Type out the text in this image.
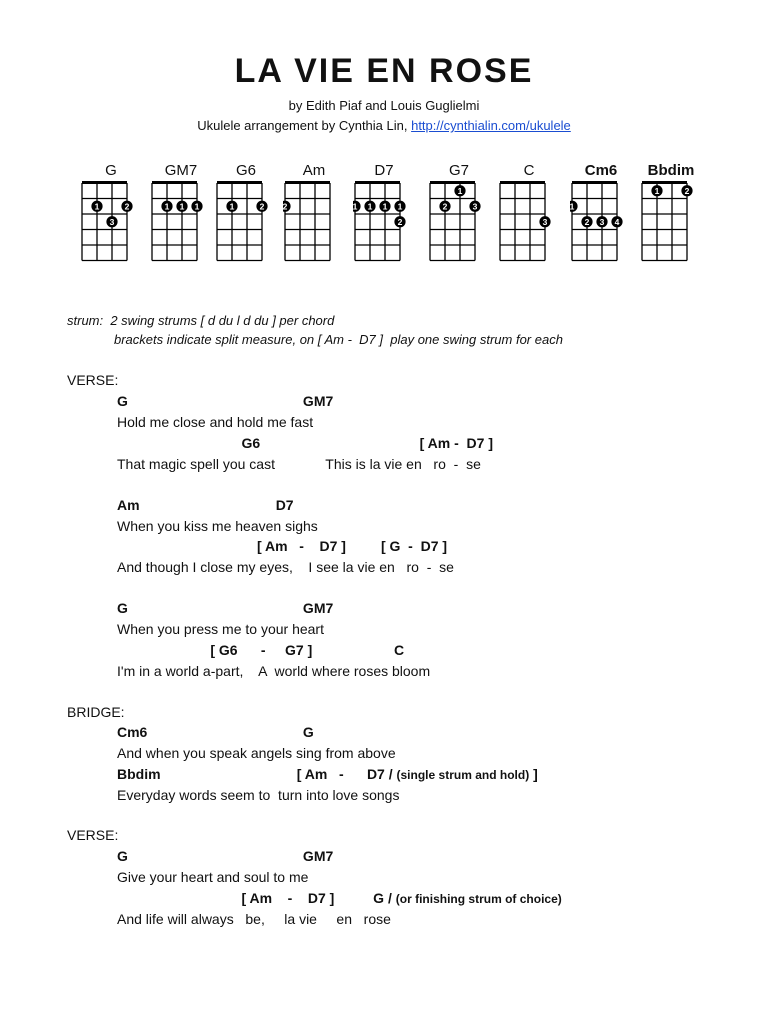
LA VIE EN ROSE
by Edith Piaf and Louis Guglielmi
Ukulele arrangement by Cynthia Lin, http://cynthialin.com/ukulele
G
1	2
3
GM7
1 1 1
G6
1	2
Am
2
D7
1 1 1 1
2
G7
1
2	3
C
3
Cm6
1
2 3 4
Bbdim
1	2
strum:  2 swing strums [ d du l d du ] per chord
brackets indicate split measure, on [ Am -  D7 ]  play one swing strum for each
VERSE:
G                                             GM7
Hold me close and hold me fast
G6                                         [ Am -  D7 ]
That magic spell you cast             This is la vie en   ro  -  se
Am                                   D7
When you kiss me heaven sighs
[ Am   -    D7 ]         [ G  -  D7 ]
And though I close my eyes,    I see la vie en   ro  -  se
G                                             GM7
When you press me to your heart
[ G6      -     G7 ]                     C
I'm in a world a-part,    A  world where roses bloom
BRIDGE:
Cm6                                        G
And when you speak angels sing from above
Bbdim                                   [ Am   -      D7 / (single strum and hold) ]
Everyday words seem to  turn into love songs
VERSE:
G                                             GM7
Give your heart and soul to me
[ Am    -    D7 ]          G / (or finishing strum of choice)
And life will always   be,     la vie     en   rose
